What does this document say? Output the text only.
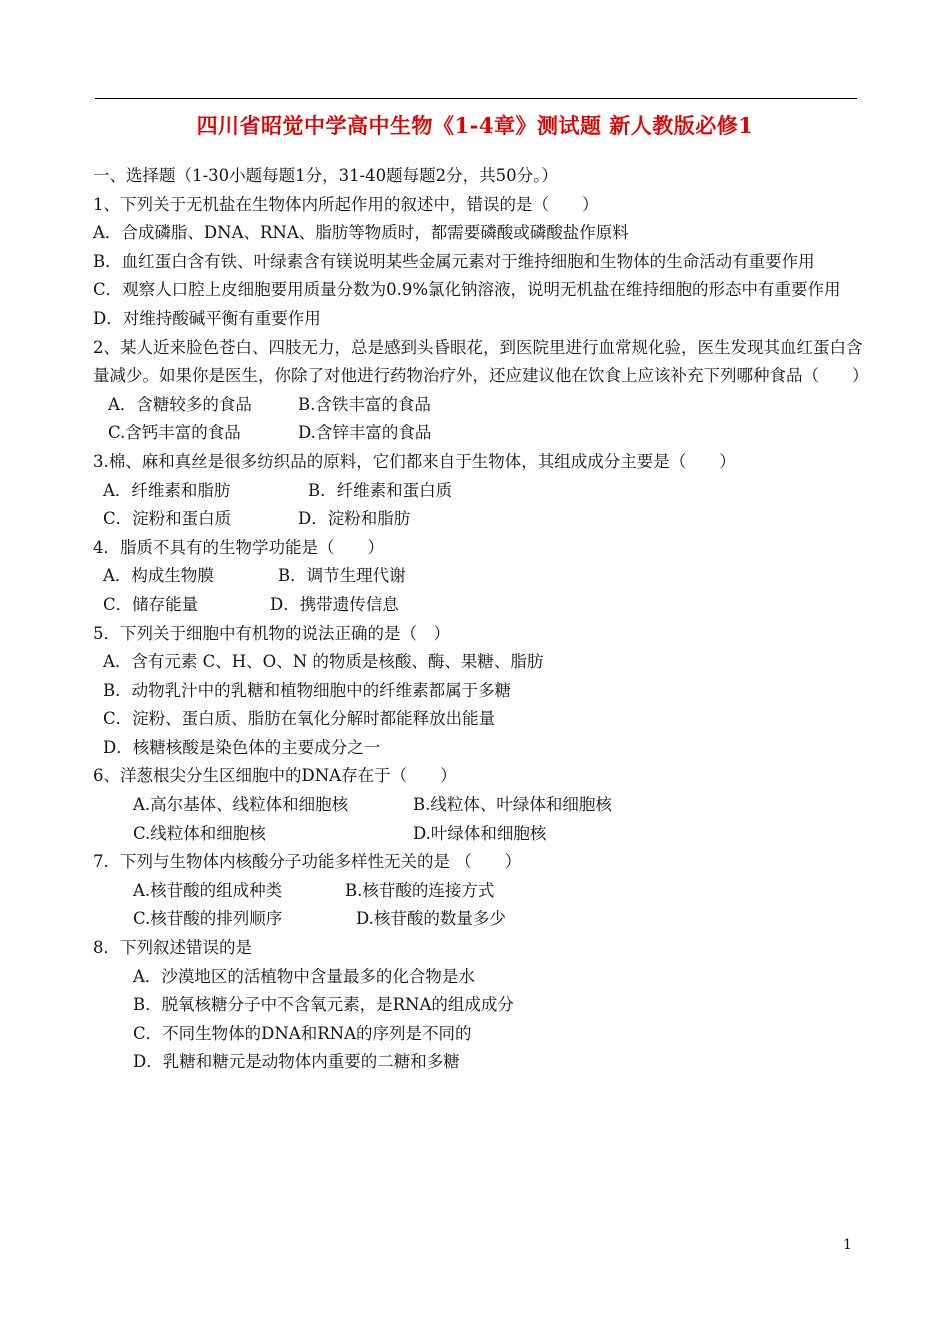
四川省昭觉中学高中生物《1-4章》测试题 新人教版必修1
一、选择题（1-30小题每题1分，31-40题每题2分，共50分。）
1、下列关于无机盐在生物体内所起作用的叙述中，错误的是（　　）
A．合成磷脂、DNA、RNA、脂肪等物质时，都需要磷酸或磷酸盐作原料
B．血红蛋白含有铁、叶绿素含有镁说明某些金属元素对于维持细胞和生物体的生命活动有重要作用
C．观察人口腔上皮细胞要用质量分数为0.9%氯化钠溶液，说明无机盐在维持细胞的形态中有重要作用
D．对维持酸碱平衡有重要作用
2、某人近来脸色苍白、四肢无力，总是感到头昏眼花，到医院里进行血常规化验，医生发现其血红蛋白含量减少。如果你是医生，你除了对他进行药物治疗外，还应建议他在饮食上应该补充下列哪种食品（　　）
A．含糖较多的食品	B.含铁丰富的食品
C.含钙丰富的食品	D.含锌丰富的食品
3.棉、麻和真丝是很多纺织品的原料，它们都来自于生物体，其组成成分主要是（　　）
A．纤维素和脂肪	B．纤维素和蛋白质
C．淀粉和蛋白质	D．淀粉和脂肪
4．脂质不具有的生物学功能是（　　）
A．构成生物膜	B．调节生理代谢
C．储存能量	D．携带遗传信息
5．下列关于细胞中有机物的说法正确的是（　）
A．含有元素 C、H、O、N 的物质是核酸、酶、果糖、脂肪
B．动物乳汁中的乳糖和植物细胞中的纤维素都属于多糖
C．淀粉、蛋白质、脂肪在氧化分解时都能释放出能量
D．核糖核酸是染色体的主要成分之一
6、洋葱根尖分生区细胞中的DNA存在于（　　）
A.高尔基体、线粒体和细胞核	B.线粒体、叶绿体和细胞核
C.线粒体和细胞核	D.叶绿体和细胞核
7．下列与生物体内核酸分子功能多样性无关的是 （　　）
A.核苷酸的组成种类	B.核苷酸的连接方式
C.核苷酸的排列顺序	D.核苷酸的数量多少
8．下列叙述错误的是
A．沙漠地区的活植物中含量最多的化合物是水
B．脱氧核糖分子中不含氧元素，是RNA的组成成分
C．不同生物体的DNA和RNA的序列是不同的
D．乳糖和糖元是动物体内重要的二糖和多糖
1
